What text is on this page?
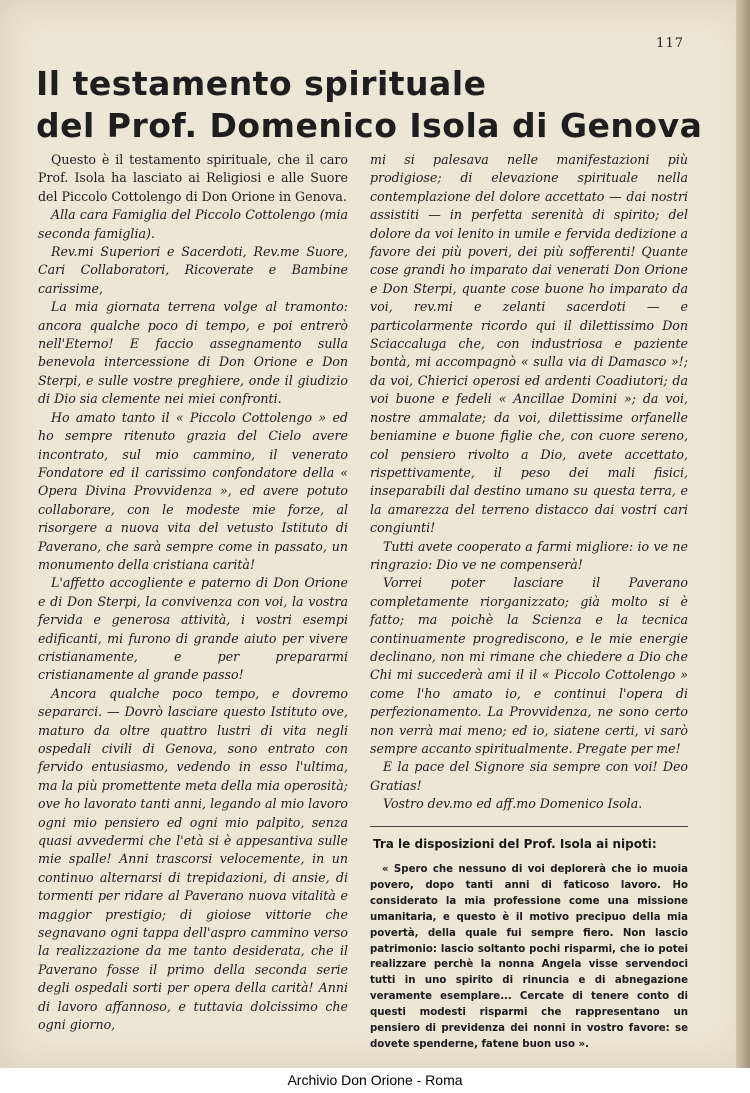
117
Il testamento spirituale
del Prof. Domenico Isola di Genova

Questo è il testamento spirituale, che il caro Prof. Isola ha lasciato ai Religiosi e alle Suore del Piccolo Cottolengo di Don Orione in Genova.

Alla cara Famiglia del Piccolo Cottolengo (mia seconda famiglia).

Rev.mi Superiori e Sacerdoti, Rev.me Suore, Cari Collaboratori, Ricoverate e Bambine carissime,

La mia giornata terrena volge al tramonto: ancora qualche poco di tempo, e poi entrerò nell'Eterno! E faccio assegnamento sulla benevola intercessione di Don Orione e Don Sterpi, e sulle vostre preghiere, onde il giudizio di Dio sia clemente nei miei confronti.

Ho amato tanto il « Piccolo Cottolengo » ed ho sempre ritenuto grazia del Cielo avere incontrato, sul mio cammino, il venerato Fondatore ed il carissimo confondatore della « Opera Divina Provvidenza », ed avere potuto collaborare, con le modeste mie forze, al risorgere a nuova vita del vetusto Istituto di Paverano, che sarà sempre come in passato, un monumento della cristiana carità!

L'affetto accogliente e paterno di Don Orione e di Don Sterpi, la convivenza con voi, la vostra fervida e generosa attività, i vostri esempi edificanti, mi furono di grande aiuto per vivere cristianamente, e per prepararmi cristianamente al grande passo!

Ancora qualche poco tempo, e dovremo separarci. — Dovrò lasciare questo Istituto ove, maturo da oltre quattro lustri di vita negli ospedali civili di Genova, sono entrato con fervido entusiasmo, vedendo in esso l'ultima, ma la più promettente meta della mia operosità; ove ho lavorato tanti anni, legando al mio lavoro ogni mio pensiero ed ogni mio palpito, senza quasi avvedermi che l'età si è appesantiva sulle mie spalle! Anni trascorsi velocemente, in un continuo alternarsi di trepidazioni, di ansie, di tormenti per ridare al Paverano nuova vitalità e maggior prestigio; di gioiose vittorie che segnavano ogni tappa dell'aspro cammino verso la realizzazione da me tanto desiderata, che il Paverano fosse il primo della seconda serie degli ospedali sorti per opera della carità! Anni di lavoro affannoso, e tuttavia dolcissimo che ogni giorno,

mi si palesava nelle manifestazioni più prodigiose; di elevazione spirituale nella contemplazione del dolore accettato — dai nostri assistiti — in perfetta serenità di spirito; del dolore da voi lenito in umile e fervida dedizione a favore dei più poveri, dei più sofferenti! Quante cose grandi ho imparato dai venerati Don Orione e Don Sterpi, quante cose buone ho imparato da voi, rev.mi e zelanti sacerdoti — e particolarmente ricordo qui il dilettissimo Don Sciaccaluga che, con industriosa e paziente bontà, mi accompagnò « sulla via di Damasco »!; da voi, Chierici operosi ed ardenti Coadiutori; da voi buone e fedeli « Ancillae Domini »; da voi, nostre ammalate; da voi, dilettissime orfanelle beniamine e buone figlie che, con cuore sereno, col pensiero rivolto a Dio, avete accettato, rispettivamente, il peso dei mali fisici, inseparabili dal destino umano su questa terra, e la amarezza del terreno distacco dai vostri cari congiunti!

Tutti avete cooperato a farmi migliore: io ve ne ringrazio: Dio ve ne compenserà!

Vorrei poter lasciare il Paverano completamente riorganizzato; già molto si è fatto; ma poichè la Scienza e la tecnica continuamente progrediscono, e le mie energie declinano, non mi rimane che chiedere a Dio che Chi mi succederà ami il il « Piccolo Cottolengo » come l'ho amato io, e continui l'opera di perfezionamento. La Provvidenza, ne sono certo non verrà mai meno; ed io, siatene certi, vi sarò sempre accanto spiritualmente. Pregate per me!

E la pace del Signore sia sempre con voi! Deo Gratias!

Vostro dev.mo ed aff.mo Domenico Isola.

Tra le disposizioni del Prof. Isola ai nipoti:

« Spero che nessuno di voi deplorerà che io muoia povero, dopo tanti anni di faticoso lavoro. Ho considerato la mia professione come una missione umanitaria, e questo è il motivo precipuo della mia povertà, della quale fui sempre fiero. Non lascio patrimonio: lascio soltanto pochi risparmi, che io potei realizzare perchè la nonna Angela visse servendoci tutti in uno spirito di rinuncia e di abnegazione veramente esemplare... Cercate di tenere conto di questi modesti risparmi che rappresentano un pensiero di previdenza dei nonni in vostro favore: se dovete spenderne, fatene buon uso ».

Archivio Don Orione - Roma
